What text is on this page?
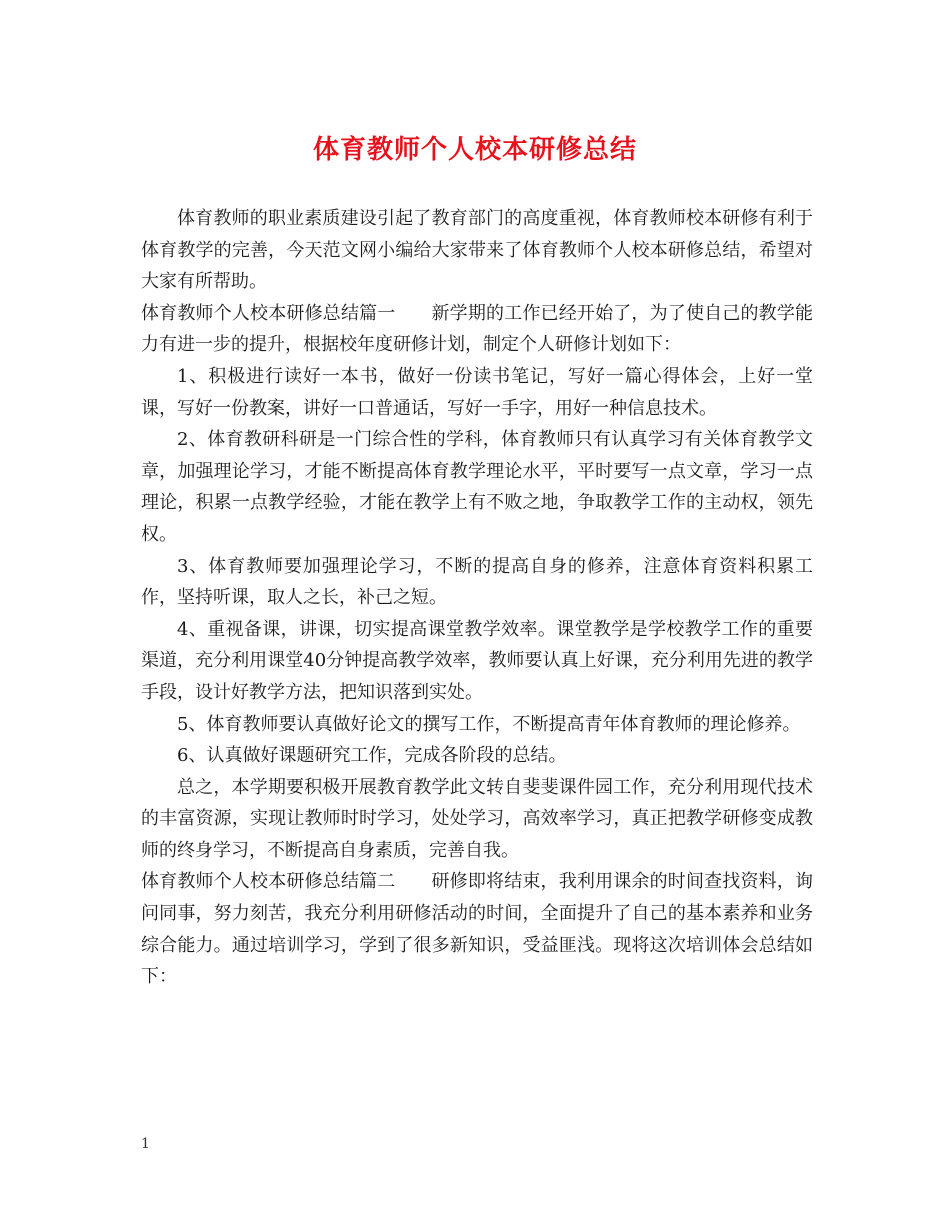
体育教师个人校本研修总结

体育教师的职业素质建设引起了教育部门的高度重视，体育教师校本研修有利于体育教学的完善，今天范文网小编给大家带来了体育教师个人校本研修总结，希望对大家有所帮助。

体育教师个人校本研修总结篇一 新学期的工作已经开始了，为了使自己的教学能力有进一步的提升，根据校年度研修计划，制定个人研修计划如下：

1、积极进行读好一本书，做好一份读书笔记，写好一篇心得体会，上好一堂课，写好一份教案，讲好一口普通话，写好一手字，用好一种信息技术。

2、体育教研科研是一门综合性的学科，体育教师只有认真学习有关体育教学文章，加强理论学习，才能不断提高体育教学理论水平，平时要写一点文章，学习一点理论，积累一点教学经验，才能在教学上有不败之地，争取教学工作的主动权，领先权。

3、体育教师要加强理论学习，不断的提高自身的修养，注意体育资料积累工作，坚持听课，取人之长，补己之短。

4、重视备课，讲课，切实提高课堂教学效率。课堂教学是学校教学工作的重要渠道，充分利用课堂40分钟提高教学效率，教师要认真上好课，充分利用先进的教学手段，设计好教学方法，把知识落到实处。

5、体育教师要认真做好论文的撰写工作，不断提高青年体育教师的理论修养。

6、认真做好课题研究工作，完成各阶段的总结。

总之，本学期要积极开展教育教学此文转自斐斐课件园工作，充分利用现代技术的丰富资源，实现让教师时时学习，处处学习，高效率学习，真正把教学研修变成教师的终身学习，不断提高自身素质，完善自我。

体育教师个人校本研修总结篇二 研修即将结束，我利用课余的时间查找资料，询问同事，努力刻苦，我充分利用研修活动的时间，全面提升了自己的基本素养和业务综合能力。通过培训学习，学到了很多新知识，受益匪浅。现将这次培训体会总结如下：

1
